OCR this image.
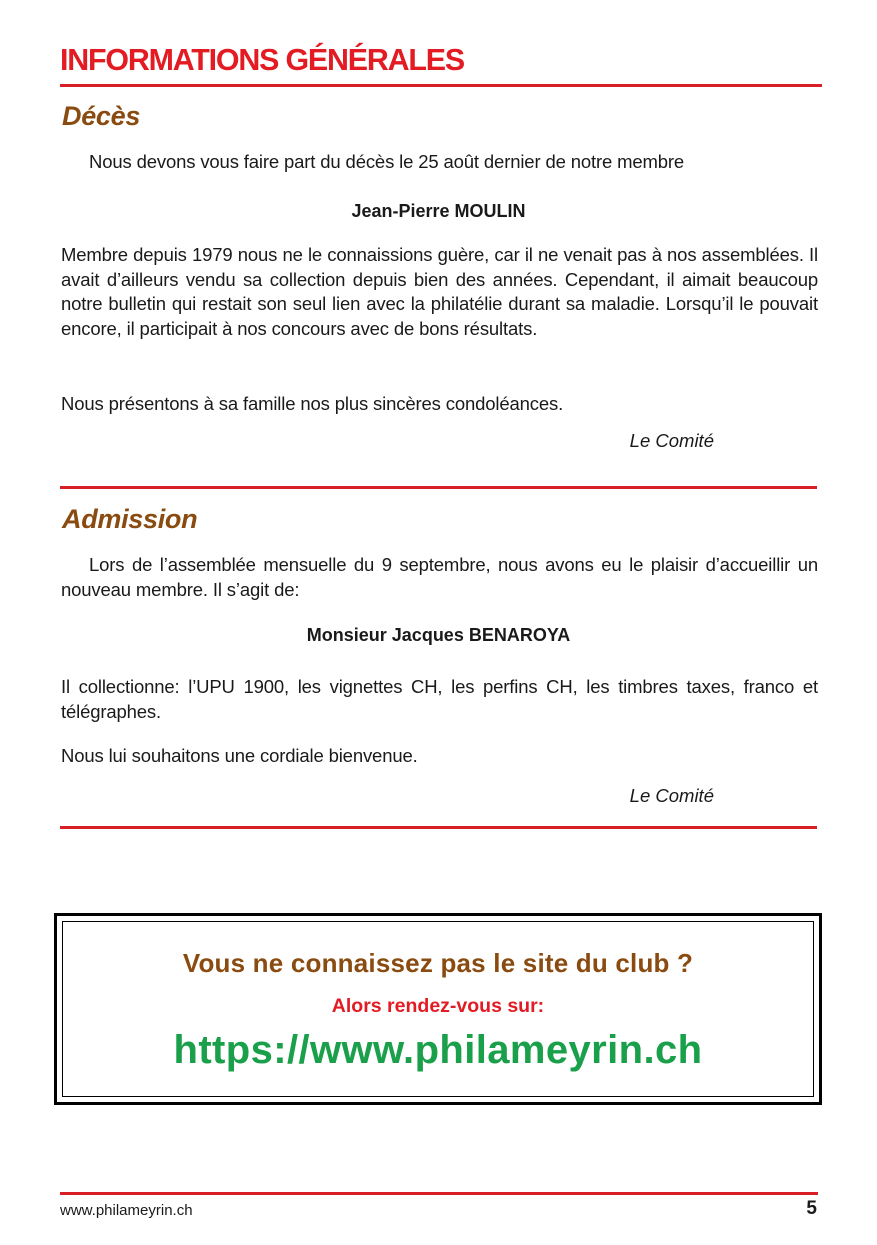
INFORMATIONS GÉNÉRALES
Décès

Nous devons vous faire part du décès le 25 août dernier de notre membre

Jean-Pierre MOULIN

Membre depuis 1979 nous ne le connaissions guère, car il ne venait pas à nos assemblées. Il avait d’ailleurs vendu sa collection depuis bien des années. Cependant, il aimait beaucoup notre bulletin qui restait son seul lien avec la philatélie durant sa maladie. Lorsqu’il le pouvait encore, il participait à nos concours avec de bons résultats.

Nous présentons à sa famille nos plus sincères condoléances.

Le Comité

Admission

Lors de l’assemblée mensuelle du 9 septembre, nous avons eu le plaisir d’accueillir un nouveau membre. Il s’agit de:

Monsieur Jacques BENAROYA

Il collectionne: l’UPU 1900, les vignettes CH, les perfins CH, les timbres taxes, franco et télégraphes.

Nous lui souhaitons une cordiale bienvenue.

Le Comité

Vous ne connaissez pas le site du club ?

Alors rendez-vous sur:

https://www.philameyrin.ch

www.philameyrin.ch	5
